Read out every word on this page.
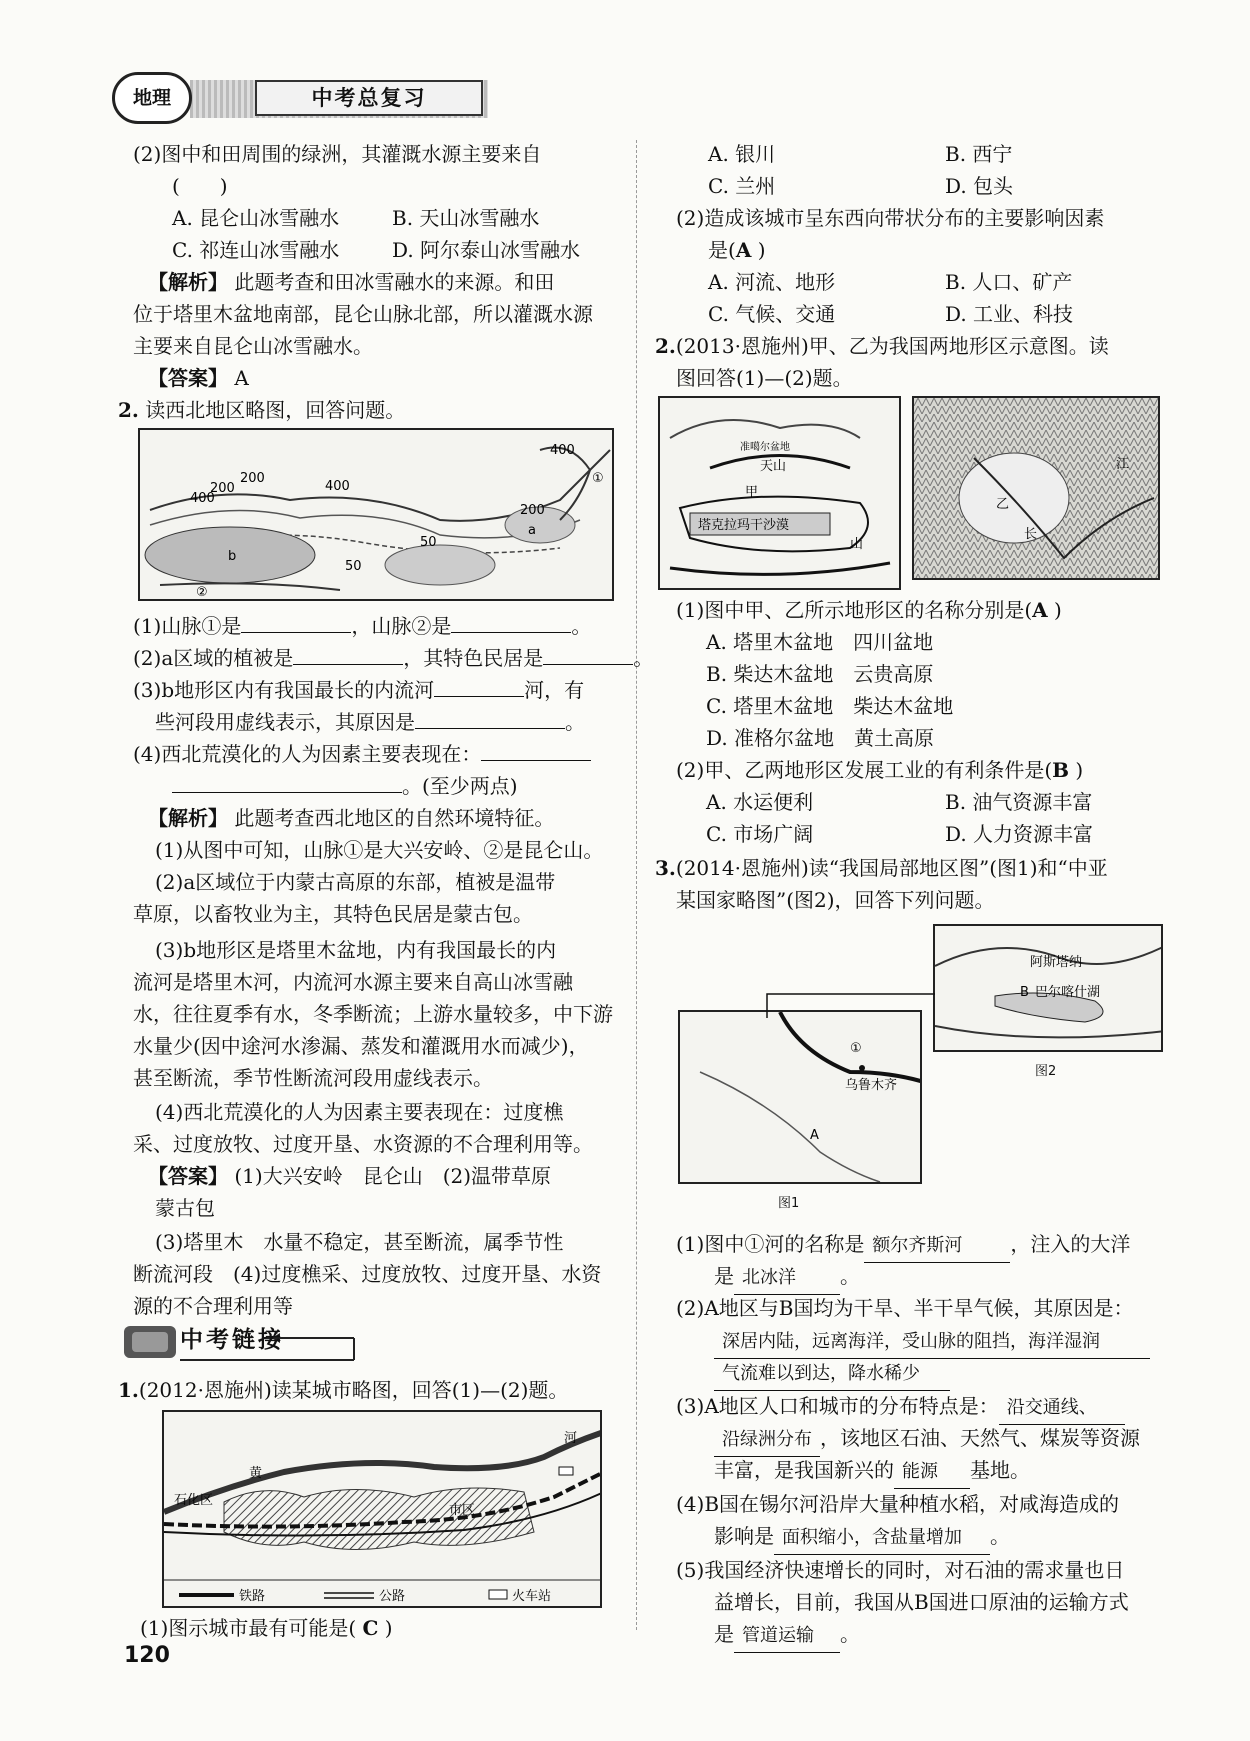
地理	中考总复习
(2)图中和田周围的绿洲，其灌溉水源主要来自
(　　)
A. 昆仑山冰雪融水	B. 天山冰雪融水
C. 祁连山冰雪融水	D. 阿尔泰山冰雪融水
【解析】 此题考查和田冰雪融水的来源。和田
位于塔里木盆地南部，昆仑山脉北部，所以灌溉水源
主要来自昆仑山冰雪融水。
【答案】 A
2. 读西北地区略图，回答问题。
400
200
400
400
200
200
50
50
a
b
①
②
(1)山脉①是	，山脉②是	。
(2)a区域的植被是	，其特色民居是	。
(3)b地形区内有我国最长的内流河	河，有
些河段用虚线表示，其原因是	。
(4)西北荒漠化的人为因素主要表现在：
。(至少两点)
【解析】 此题考查西北地区的自然环境特征。
(1)从图中可知，山脉①是大兴安岭、②是昆仑山。
(2)a区域位于内蒙古高原的东部，植被是温带
草原，以畜牧业为主，其特色民居是蒙古包。
(3)b地形区是塔里木盆地，内有我国最长的内
流河是塔里木河，内流河水源主要来自高山冰雪融
水，往往夏季有水，冬季断流；上游水量较多，中下游
水量少(因中途河水渗漏、蒸发和灌溉用水而减少)，
甚至断流，季节性断流河段用虚线表示。
(4)西北荒漠化的人为因素主要表现在：过度樵
采、过度放牧、过度开垦、水资源的不合理利用等。
【答案】 (1)大兴安岭　昆仑山　(2)温带草原
蒙古包
(3)塔里木　水量不稳定，甚至断流，属季节性
断流河段　(4)过度樵采、过度放牧、过度开垦、水资
源的不合理利用等
中考链接
1.(2012·恩施州)读某城市略图，回答(1)—(2)题。
河
黄
石化区
市区
铁路	公路	火车站
(1)图示城市最有可能是( C )
120
A. 银川	B. 西宁
C. 兰州	D. 包头
(2)造成该城市呈东西向带状分布的主要影响因素
是(A )
A. 河流、地形	B. 人口、矿产
C. 气候、交通	D. 工业、科技
2.(2013·恩施州)甲、乙为我国两地形区示意图。读
图回答(1)—(2)题。
准噶尔盆地
天山
甲
塔克拉玛干沙漠
山
乙
长
江
(1)图中甲、乙所示地形区的名称分别是(A )
A. 塔里木盆地　四川盆地
B. 柴达木盆地　云贵高原
C. 塔里木盆地　柴达木盆地
D. 准格尔盆地　黄土高原
(2)甲、乙两地形区发展工业的有利条件是(B )
A. 水运便利	B. 油气资源丰富
C. 市场广阔	D. 人力资源丰富
3.(2014·恩施州)读“我国局部地区图”(图1)和“中亚
某国家略图”(图2)，回答下列问题。
阿斯塔纳
B 巴尔喀什湖
图2
①
乌鲁木齐
A
图1
(1)图中①河的名称是 额尔齐斯河 ，注入的大洋
是 北冰洋 。
(2)A地区与B国均为干旱、半干旱气候，其原因是：
深居内陆，远离海洋，受山脉的阻挡，海洋湿润
气流难以到达，降水稀少
(3)A地区人口和城市的分布特点是： 沿交通线、
沿绿洲分布 ，该地区石油、天然气、煤炭等资源
丰富，是我国新兴的 能源 基地。
(4)B国在锡尔河沿岸大量种植水稻，对咸海造成的
影响是 面积缩小，含盐量增加 。
(5)我国经济快速增长的同时，对石油的需求量也日
益增长，目前，我国从B国进口原油的运输方式
是 管道运输 。
